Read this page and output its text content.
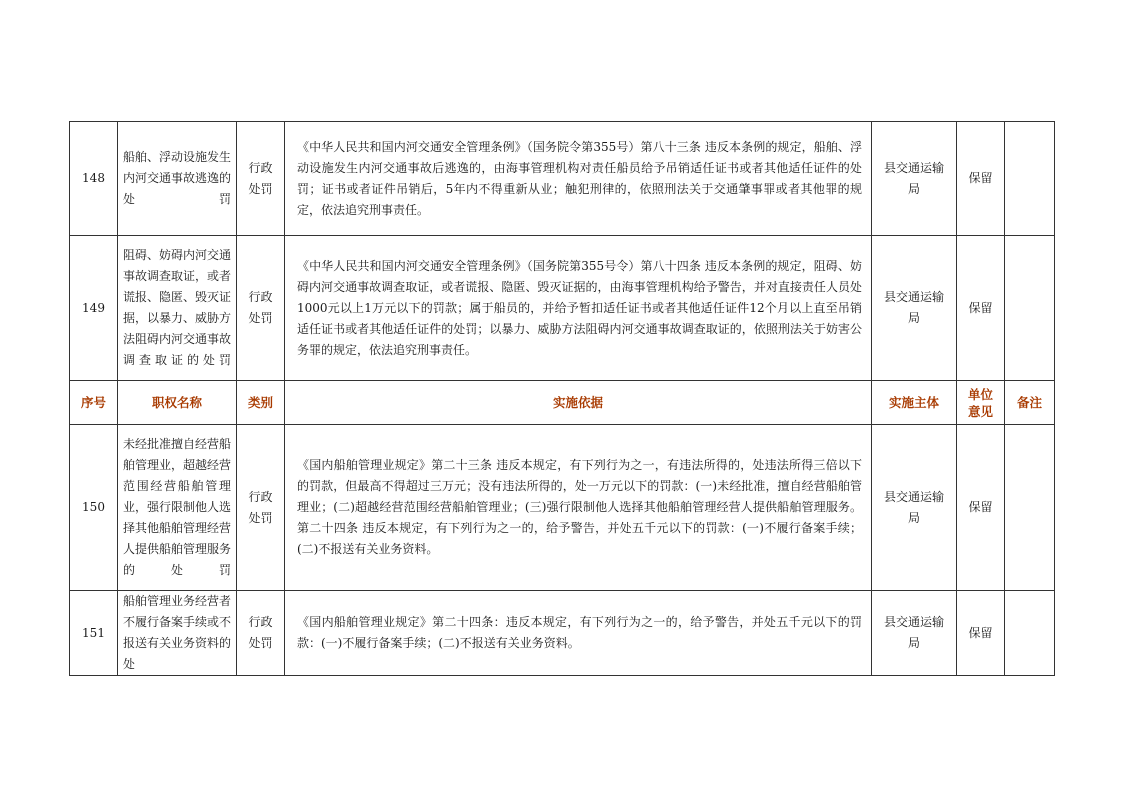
148	船舶、浮动设施发生内河交通事故逃逸的处罚	行政处罚	《中华人民共和国内河交通安全管理条例》（国务院令第355号）第八十三条 违反本条例的规定，船舶、浮动设施发生内河交通事故后逃逸的，由海事管理机构对责任船员给予吊销适任证书或者其他适任证件的处罚；证书或者证件吊销后，5年内不得重新从业；触犯刑律的，依照刑法关于交通肇事罪或者其他罪的规定，依法追究刑事责任。	县交通运输局	保留	
149	阻碍、妨碍内河交通事故调查取证，或者谎报、隐匿、毁灭证据，以暴力、威胁方法阻碍内河交通事故调查取证的处罚	行政处罚	《中华人民共和国内河交通安全管理条例》（国务院第355号令）第八十四条 违反本条例的规定，阻碍、妨碍内河交通事故调查取证，或者谎报、隐匿、毁灭证据的，由海事管理机构给予警告，并对直接责任人员处1000元以上1万元以下的罚款；属于船员的，并给予暂扣适任证书或者其他适任证件12个月以上直至吊销适任证书或者其他适任证件的处罚；以暴力、威胁方法阻碍内河交通事故调查取证的，依照刑法关于妨害公务罪的规定，依法追究刑事责任。	县交通运输局	保留	
序号	职权名称	类别	实施依据	实施主体	单位意见	备注
150	未经批准擅自经营船舶管理业，超越经营范围经营船舶管理业，强行限制他人选择其他船舶管理经营人提供船舶管理服务的处罚	行政处罚	《国内船舶管理业规定》第二十三条 违反本规定，有下列行为之一，有违法所得的，处违法所得三倍以下的罚款，但最高不得超过三万元；没有违法所得的，处一万元以下的罚款：(一)未经批准，擅自经营船舶管理业；(二)超越经营范围经营船舶管理业；(三)强行限制他人选择其他船舶管理经营人提供船舶管理服务。第二十四条 违反本规定，有下列行为之一的，给予警告，并处五千元以下的罚款：(一)不履行备案手续；(二)不报送有关业务资料。	县交通运输局	保留	
151	船舶管理业务经营者不履行备案手续或不报送有关业务资料的处	行政处罚	《国内船舶管理业规定》第二十四条：违反本规定，有下列行为之一的，给予警告，并处五千元以下的罚款：(一)不履行备案手续；(二)不报送有关业务资料。	县交通运输局	保留	
